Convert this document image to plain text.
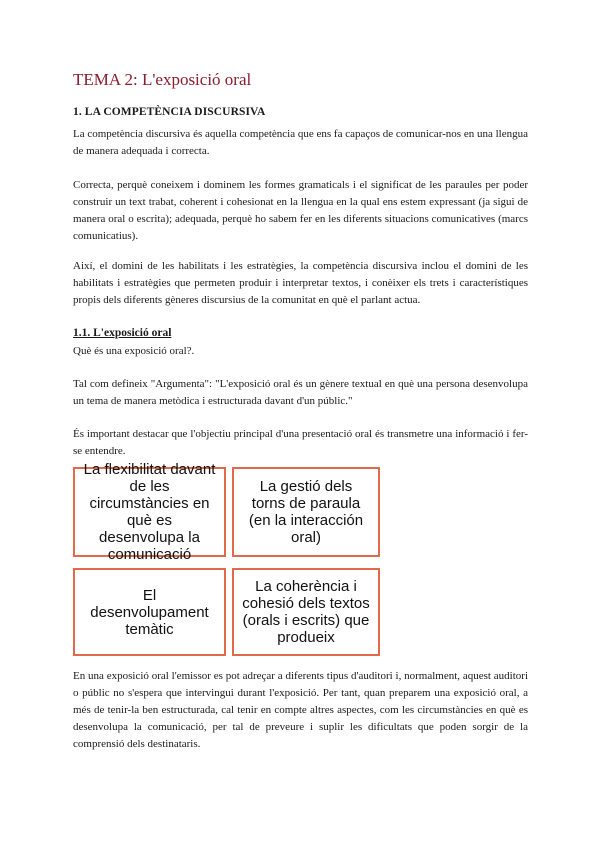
TEMA 2: L'exposició oral
1. LA COMPETÈNCIA DISCURSIVA
La competència discursiva és aquella competència que ens fa capaços de comunicar-nos en una llengua de manera adequada i correcta.
Correcta, perquè coneixem i dominem les formes gramaticals i el significat de les paraules per poder construir un text trabat, coherent i cohesionat en la llengua en la qual ens estem expressant (ja sigui de manera oral o escrita); adequada, perquè ho sabem fer en les diferents situacions comunicatives (marcs comunicatius).
Així, el domini de les habilitats i les estratègies, la competència discursiva inclou el domini de les habilitats i estratègies que permeten produir i interpretar textos, i conèixer els trets i característiques propis dels diferents gèneres discursius de la comunitat en què el parlant actua.
1.1. L'exposició oral
Què és una exposició oral?.
Tal com defineix "Argumenta": "L'exposició oral és un gènere textual en què una persona desenvolupa un tema de manera metòdica i estructurada davant d'un públic."
És important destacar que l'objectiu principal d'una presentació oral és transmetre una informació i fer-se entendre.
La flexibilitat davant de les circumstàncies en què es desenvolupa la comunicació
La gestió dels torns de paraula (en la interacción oral)
El desenvolupament temàtic
La coherència i cohesió dels textos (orals i escrits) que produeix
En una exposició oral l'emissor es pot adreçar a diferents tipus d'auditori i, normalment, aquest auditori o públic no s'espera que intervingui durant l'exposició. Per tant, quan preparem una exposició oral, a més de tenir-la ben estructurada, cal tenir en compte altres aspectes, com les circumstàncies en què es desenvolupa la comunicació, per tal de preveure i suplir les dificultats que poden sorgir de la comprensió dels destinataris.
